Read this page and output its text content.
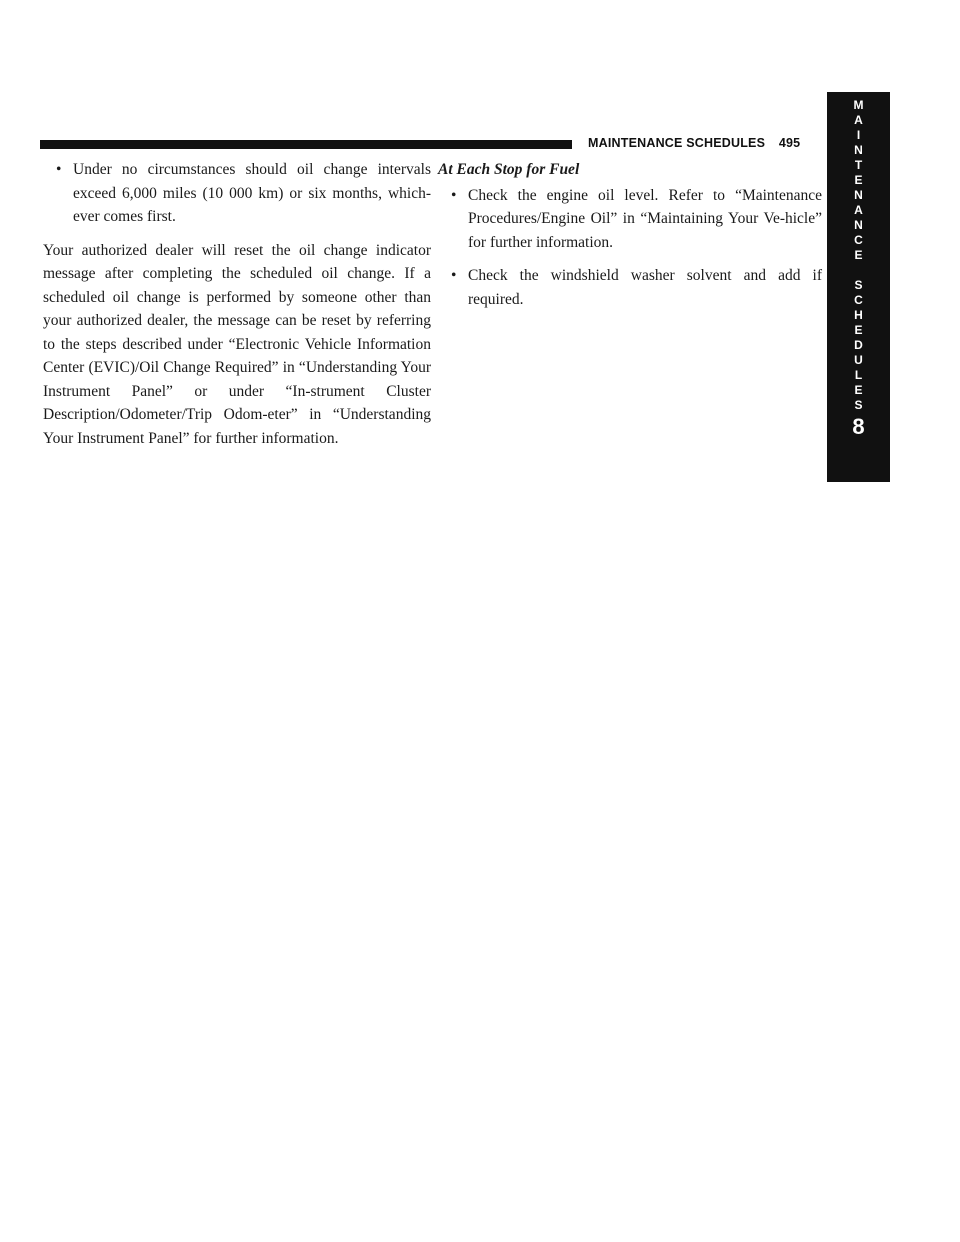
MAINTENANCE SCHEDULES 495
M
A
I
N
T
E
N
A
N
C
E
S
C
H
E
D
U
L
E
S
8
• Under no circumstances should oil change intervals exceed 6,000 miles (10 000 km) or six months, which-ever comes first.

Your authorized dealer will reset the oil change indicator message after completing the scheduled oil change. If a scheduled oil change is performed by someone other than your authorized dealer, the message can be reset by referring to the steps described under “Electronic Vehicle Information Center (EVIC)/Oil Change Required” in “Understanding Your Instrument Panel” or under “In-strument Cluster Description/Odometer/Trip Odom-eter” in “Understanding Your Instrument Panel” for further information.

At Each Stop for Fuel
• Check the engine oil level. Refer to “Maintenance Procedures/Engine Oil” in “Maintaining Your Ve-hicle” for further information.
• Check the windshield washer solvent and add if required.
